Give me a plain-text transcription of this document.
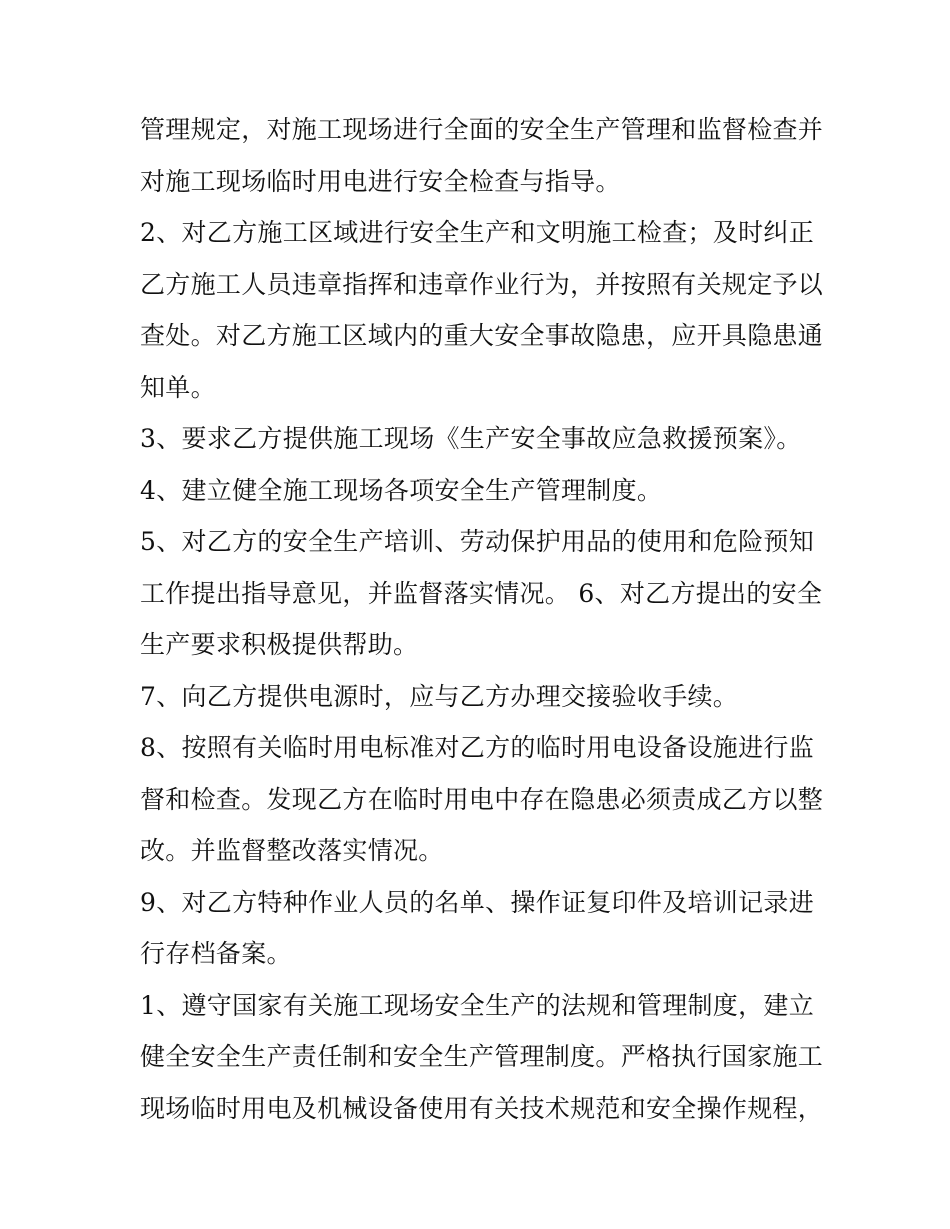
管理规定，对施工现场进行全面的安全生产管理和监督检查并
对施工现场临时用电进行安全检查与指导。
2、对乙方施工区域进行安全生产和文明施工检查；及时纠正
乙方施工人员违章指挥和违章作业行为，并按照有关规定予以
查处。对乙方施工区域内的重大安全事故隐患，应开具隐患通
知单。
3、要求乙方提供施工现场《生产安全事故应急救援预案》。
4、建立健全施工现场各项安全生产管理制度。
5、对乙方的安全生产培训、劳动保护用品的使用和危险预知
工作提出指导意见，并监督落实情况。 6、对乙方提出的安全
生产要求积极提供帮助。
7、向乙方提供电源时，应与乙方办理交接验收手续。
8、按照有关临时用电标准对乙方的临时用电设备设施进行监
督和检查。发现乙方在临时用电中存在隐患必须责成乙方以整
改。并监督整改落实情况。
9、对乙方特种作业人员的名单、操作证复印件及培训记录进
行存档备案。
1、遵守国家有关施工现场安全生产的法规和管理制度，建立
健全安全生产责任制和安全生产管理制度。严格执行国家施工
现场临时用电及机械设备使用有关技术规范和安全操作规程，
